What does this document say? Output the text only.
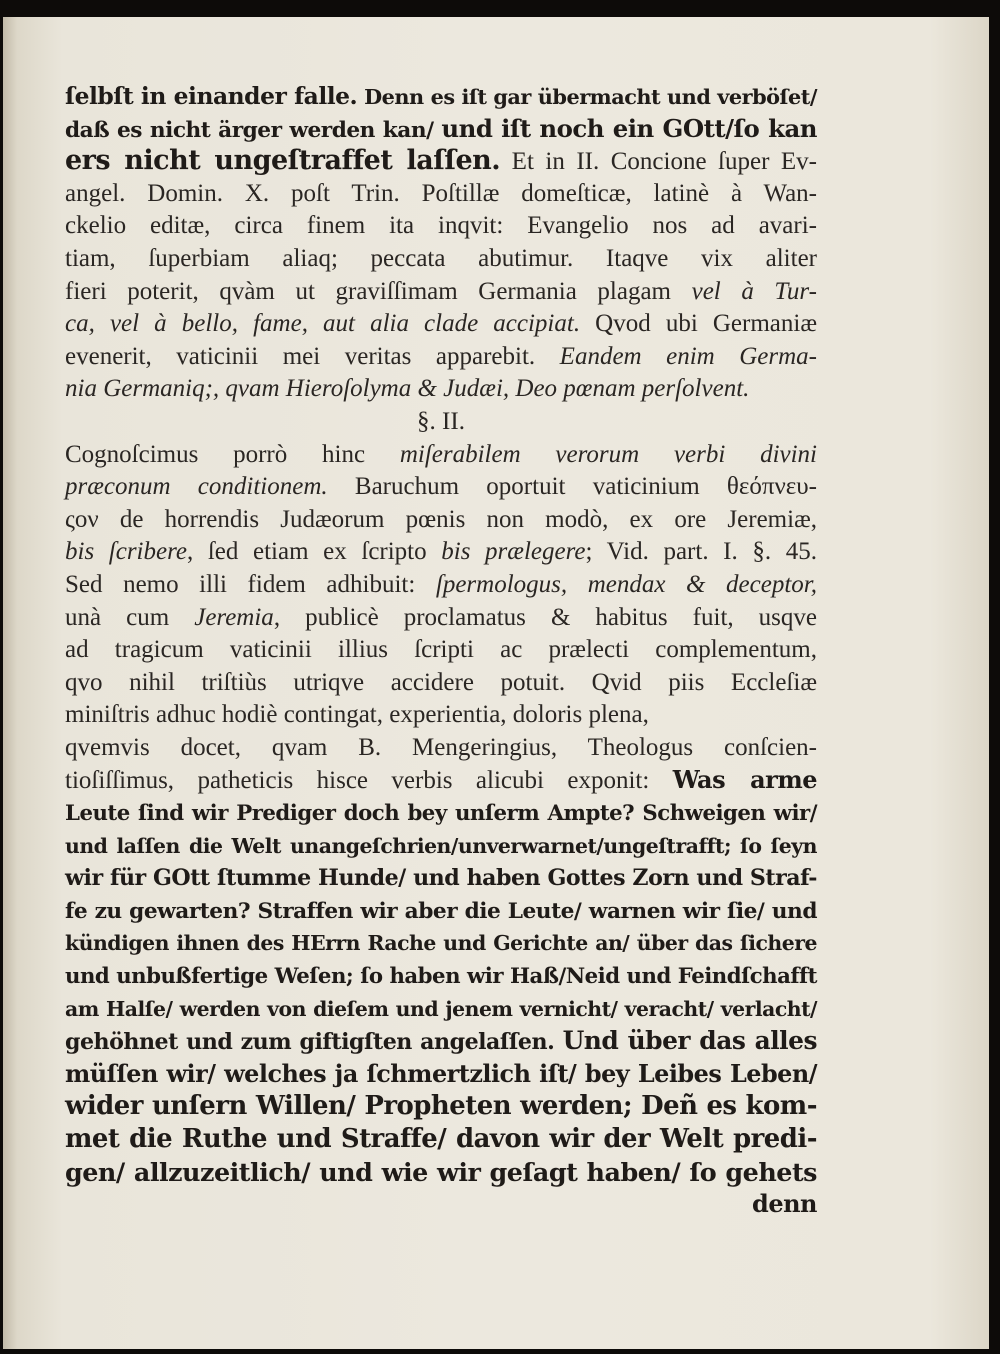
ſelbſt in einander falle. Denn es iſt gar übermacht und verböſet/
daß es nicht ärger werden kan/ und iſt noch ein GOtt/ſo kan
ers nicht ungeſtraffet laſſen. Et in II. Concione ſuper Ev-
angel. Domin. X. poſt Trin. Poſtillæ domeſticæ, latinè à Wan-
ckelio editæ, circa finem ita inqvit: Evangelio nos ad avari-
tiam, ſuperbiam aliaq; peccata abutimur. Itaqve vix aliter
fieri poterit, qvàm ut graviſſimam Germania plagam vel à Tur-
ca, vel à bello, fame, aut alia clade accipiat. Qvod ubi Germaniæ
evenerit, vaticinii mei veritas apparebit. Eandem enim Germa-
nia Germaniq;, qvam Hieroſolyma & Judæi, Deo pœnam perſolvent.
§. II.
Cognoſcimus porrò hinc miſerabilem verorum verbi divini
præconum conditionem. Baruchum oportuit vaticinium θεόπνευ-
ςον de horrendis Judæorum pœnis non modò, ex ore Jeremiæ,
bis ſcribere, ſed etiam ex ſcripto bis prælegere; Vid. part. I. §. 45.
Sed nemo illi fidem adhibuit: ſpermologus, mendax & deceptor,
unà cum Jeremia, publicè proclamatus & habitus fuit, usqve
ad tragicum vaticinii illius ſcripti ac prælecti complementum,
qvo nihil triſtiùs utriqve accidere potuit. Qvid piis Eccleſiæ
miniſtris adhuc hodiè contingat, experientia, doloris plena,
qvemvis docet, qvam B. Mengeringius, Theologus conſcien-
tioſiſſimus, patheticis hisce verbis alicubi exponit: Was arme
Leute ſind wir Prediger doch bey unſerm Ampte? Schweigen wir/
und laſſen die Welt unangeſchrien/unverwarnet/ungeſtrafft; ſo ſeyn
wir für GOtt ſtumme Hunde/ und haben Gottes Zorn und Straf-
fe zu gewarten? Straffen wir aber die Leute/ warnen wir ſie/ und
kündigen ihnen des HErrn Rache und Gerichte an/ über das ſichere
und unbußfertige Weſen; ſo haben wir Haß/Neid und Feindſchafft
am Halſe/ werden von dieſem und jenem vernicht/ veracht/ verlacht/
gehöhnet und zum giftigſten angelaſſen. Und über das alles
müſſen wir/ welches ja ſchmertzlich iſt/ bey Leibes Leben/
wider unſern Willen/ Propheten werden; Deñ es kom-
met die Ruthe und Straffe/ davon wir der Welt predi-
gen/ allzuzeitlich/ und wie wir geſagt haben/ ſo gehets
denn
